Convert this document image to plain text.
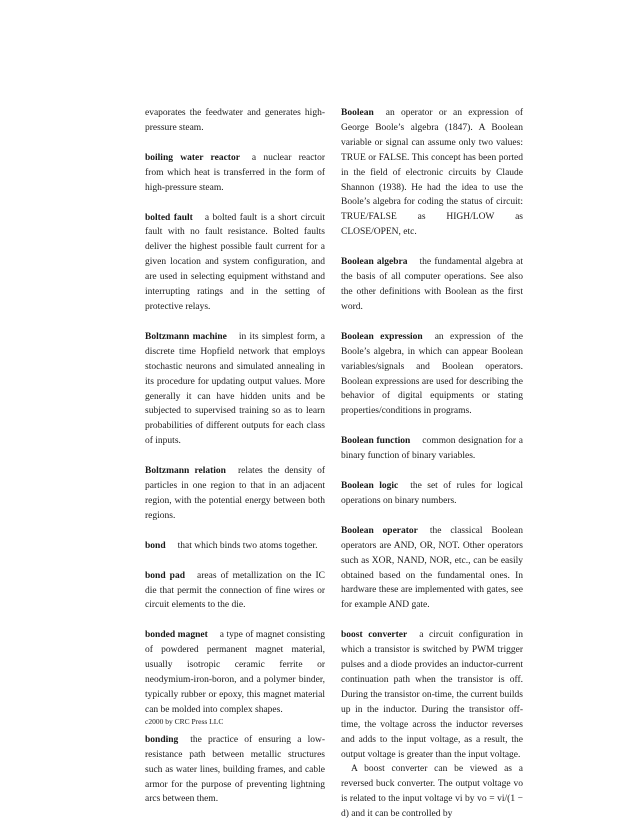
evaporates the feedwater and generates high-pressure steam.

boiling water reactor a nuclear reactor from which heat is transferred in the form of high-pressure steam.

bolted fault a bolted fault is a short circuit fault with no fault resistance. Bolted faults deliver the highest possible fault current for a given location and system configuration, and are used in selecting equipment withstand and interrupting ratings and in the setting of protective relays.

Boltzmann machine in its simplest form, a discrete time Hopfield network that employs stochastic neurons and simulated annealing in its procedure for updating output values. More generally it can have hidden units and be subjected to supervised training so as to learn probabilities of different outputs for each class of inputs.

Boltzmann relation relates the density of particles in one region to that in an adjacent region, with the potential energy between both regions.

bond that which binds two atoms together.

bond pad areas of metallization on the IC die that permit the connection of fine wires or circuit elements to the die.

bonded magnet a type of magnet consisting of powdered permanent magnet material, usually isotropic ceramic ferrite or neodymium-iron-boron, and a polymer binder, typically rubber or epoxy, this magnet material can be molded into complex shapes.

bonding the practice of ensuring a low-resistance path between metallic structures such as water lines, building frames, and cable armor for the purpose of preventing lightning arcs between them.

Boolean an operator or an expression of George Boole’s algebra (1847). A Boolean variable or signal can assume only two values: TRUE or FALSE. This concept has been ported in the field of electronic circuits by Claude Shannon (1938). He had the idea to use the Boole’s algebra for coding the status of circuit: TRUE/FALSE as HIGH/LOW as CLOSE/OPEN, etc.

Boolean algebra the fundamental algebra at the basis of all computer operations. See also the other definitions with Boolean as the first word.

Boolean expression an expression of the Boole’s algebra, in which can appear Boolean variables/signals and Boolean operators. Boolean expressions are used for describing the behavior of digital equipments or stating properties/conditions in programs.

Boolean function common designation for a binary function of binary variables.

Boolean logic the set of rules for logical operations on binary numbers.

Boolean operator the classical Boolean operators are AND, OR, NOT. Other operators such as XOR, NAND, NOR, etc., can be easily obtained based on the fundamental ones. In hardware these are implemented with gates, see for example AND gate.

boost converter a circuit configuration in which a transistor is switched by PWM trigger pulses and a diode provides an inductor-current continuation path when the transistor is off. During the transistor on-time, the current builds up in the inductor. During the transistor off-time, the voltage across the inductor reverses and adds to the input voltage, as a result, the output voltage is greater than the input voltage.

A boost converter can be viewed as a reversed buck converter. The output voltage vo is related to the input voltage vi by vo = vi/(1 − d) and it can be controlled by

c2000 by CRC Press LLC
